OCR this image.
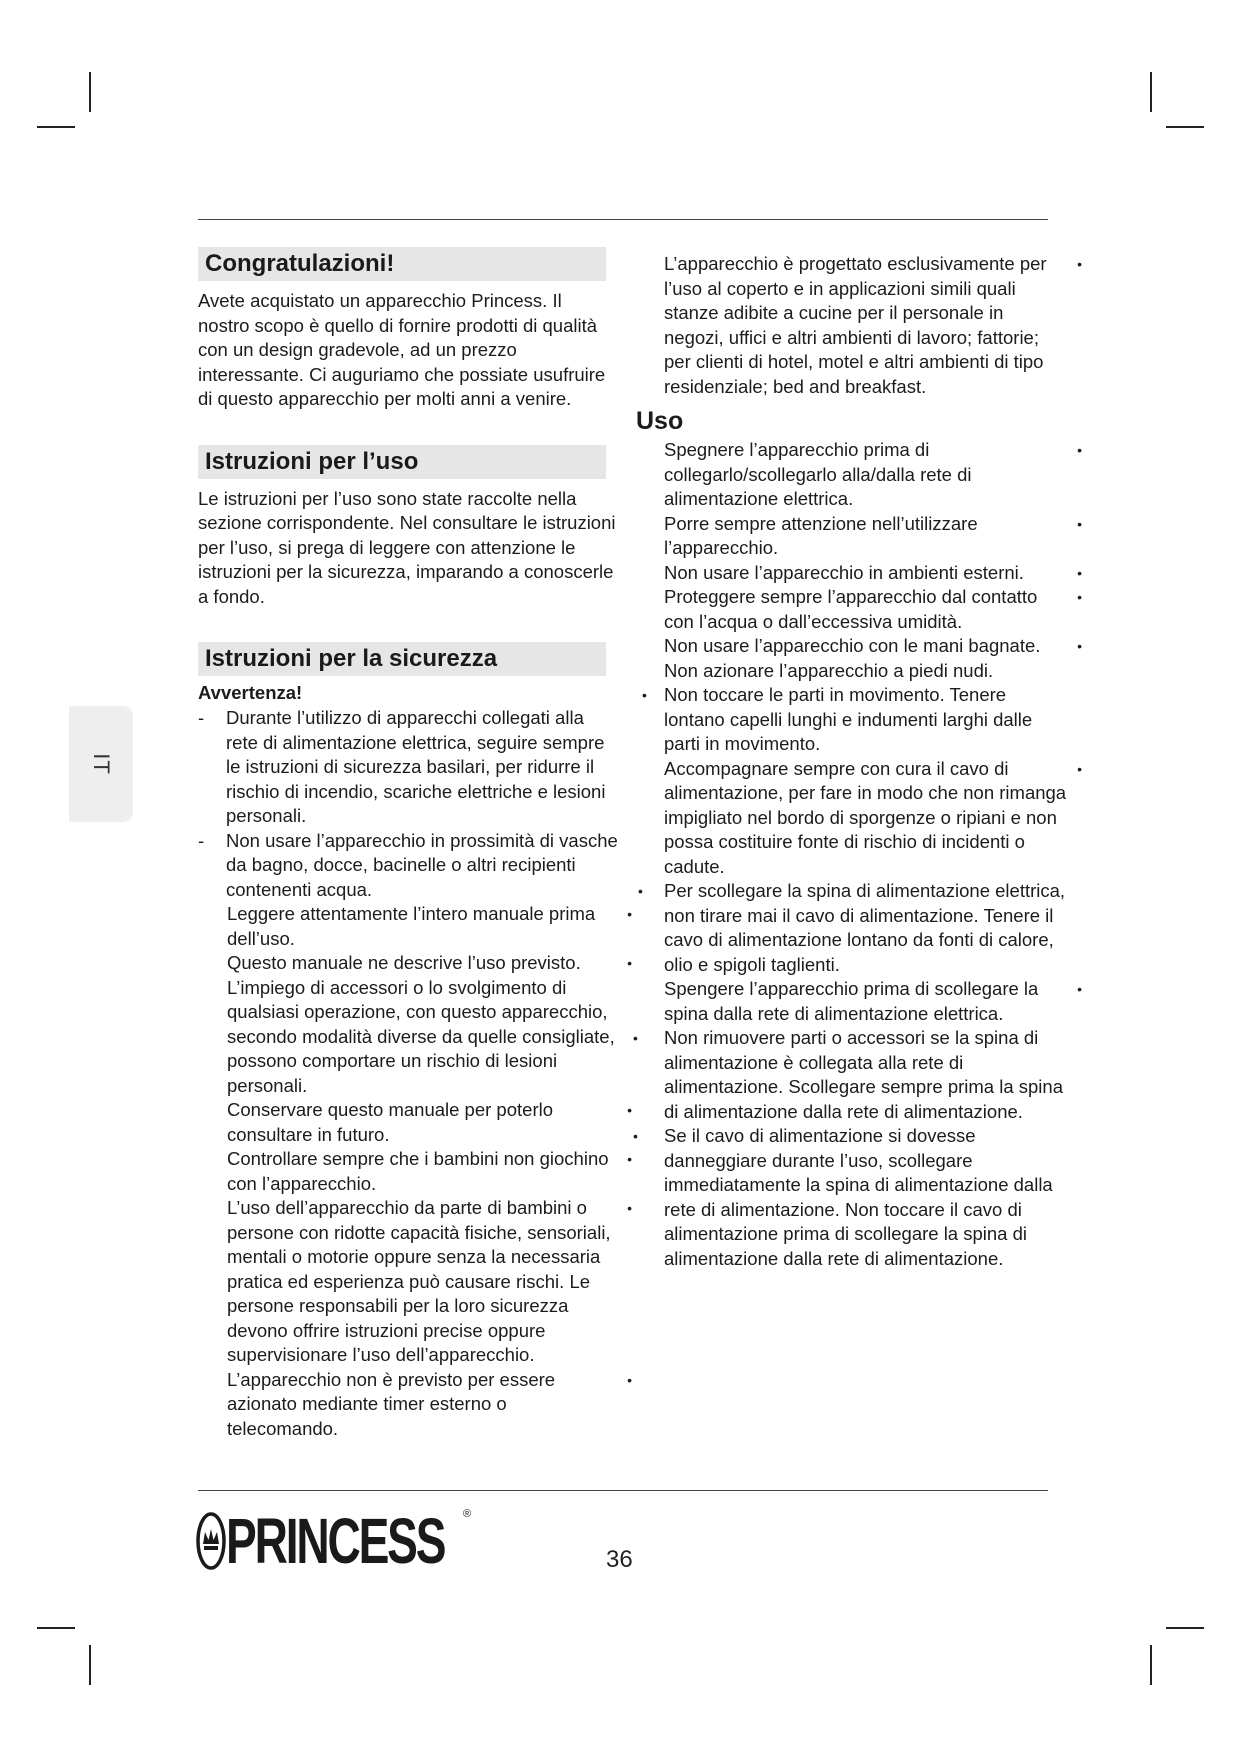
IT
Congratulazioni!

Avete acquistato un apparecchio Princess. Il nostro scopo è quello di fornire prodotti di qualità con un design gradevole, ad un prezzo interessante. Ci auguriamo che possiate usufruire di questo apparecchio per molti anni a venire.

Istruzioni per l’uso

Le istruzioni per l’uso sono state raccolte nella sezione corrispondente. Nel consultare le istruzioni per l’uso, si prega di leggere con attenzione le istruzioni per la sicurezza, imparando a conoscerle a fondo.

Istruzioni per la sicurezza
Avvertenza!
- Durante l’utilizzo di apparecchi collegati alla rete di alimentazione elettrica, seguire sempre le istruzioni di sicurezza basilari, per ridurre il rischio di incendio, scariche elettriche e lesioni personali.
- Non usare l’apparecchio in prossimità di vasche da bagno, docce, bacinelle o altri recipienti contenenti acqua.
Leggere attentamente l’intero manuale prima dell’uso.
•
Questo manuale ne descrive l’uso previsto. L’impiego di accessori o lo svolgimento di qualsiasi operazione, con questo apparecchio, secondo modalità diverse da quelle consigliate, possono comportare un rischio di lesioni personali.
•
Conservare questo manuale per poterlo consultare in futuro.
•
Controllare sempre che i bambini non giochino con l’apparecchio.
•
L’uso dell’apparecchio da parte di bambini o persone con ridotte capacità fisiche, sensoriali, mentali o motorie oppure senza la necessaria pratica ed esperienza può causare rischi. Le persone responsabili per la loro sicurezza devono offrire istruzioni precise oppure supervisionare l’uso dell’apparecchio.
•
L’apparecchio non è previsto per essere azionato mediante timer esterno o telecomando.
•
L’apparecchio è progettato esclusivamente per l’uso al coperto e in applicazioni simili quali stanze adibite a cucine per il personale in negozi, uffici e altri ambienti di lavoro; fattorie; per clienti di hotel, motel e altri ambienti di tipo residenziale; bed and breakfast.
•
Uso
Spegnere l’apparecchio prima di collegarlo/scollegarlo alla/dalla rete di alimentazione elettrica.
•
Porre sempre attenzione nell’utilizzare l’apparecchio.
•
Non usare l’apparecchio in ambienti esterni.	•
Proteggere sempre l’apparecchio dal contatto con l’acqua o dall’eccessiva umidità.
•
Non usare l’apparecchio con le mani bagnate. Non azionare l’apparecchio a piedi nudi.
•
• Non toccare le parti in movimento. Tenere lontano capelli lunghi e indumenti larghi dalle parti in movimento.
Accompagnare sempre con cura il cavo di alimentazione, per fare in modo che non rimanga impigliato nel bordo di sporgenze o ripiani e non possa costituire fonte di rischio di incidenti o cadute.
•
• Per scollegare la spina di alimentazione elettrica, non tirare mai il cavo di alimentazione. Tenere il cavo di alimentazione lontano da fonti di calore, olio e spigoli taglienti.
Spengere l’apparecchio prima di scollegare la spina dalla rete di alimentazione elettrica.
•
• Non rimuovere parti o accessori se la spina di alimentazione è collegata alla rete di alimentazione. Scollegare sempre prima la spina di alimentazione dalla rete di alimentazione.
• Se il cavo di alimentazione si dovesse danneggiare durante l’uso, scollegare immediatamente la spina di alimentazione dalla rete di alimentazione. Non toccare il cavo di alimentazione prima di scollegare la spina di alimentazione dalla rete di alimentazione.
PRINCESS ®
36
